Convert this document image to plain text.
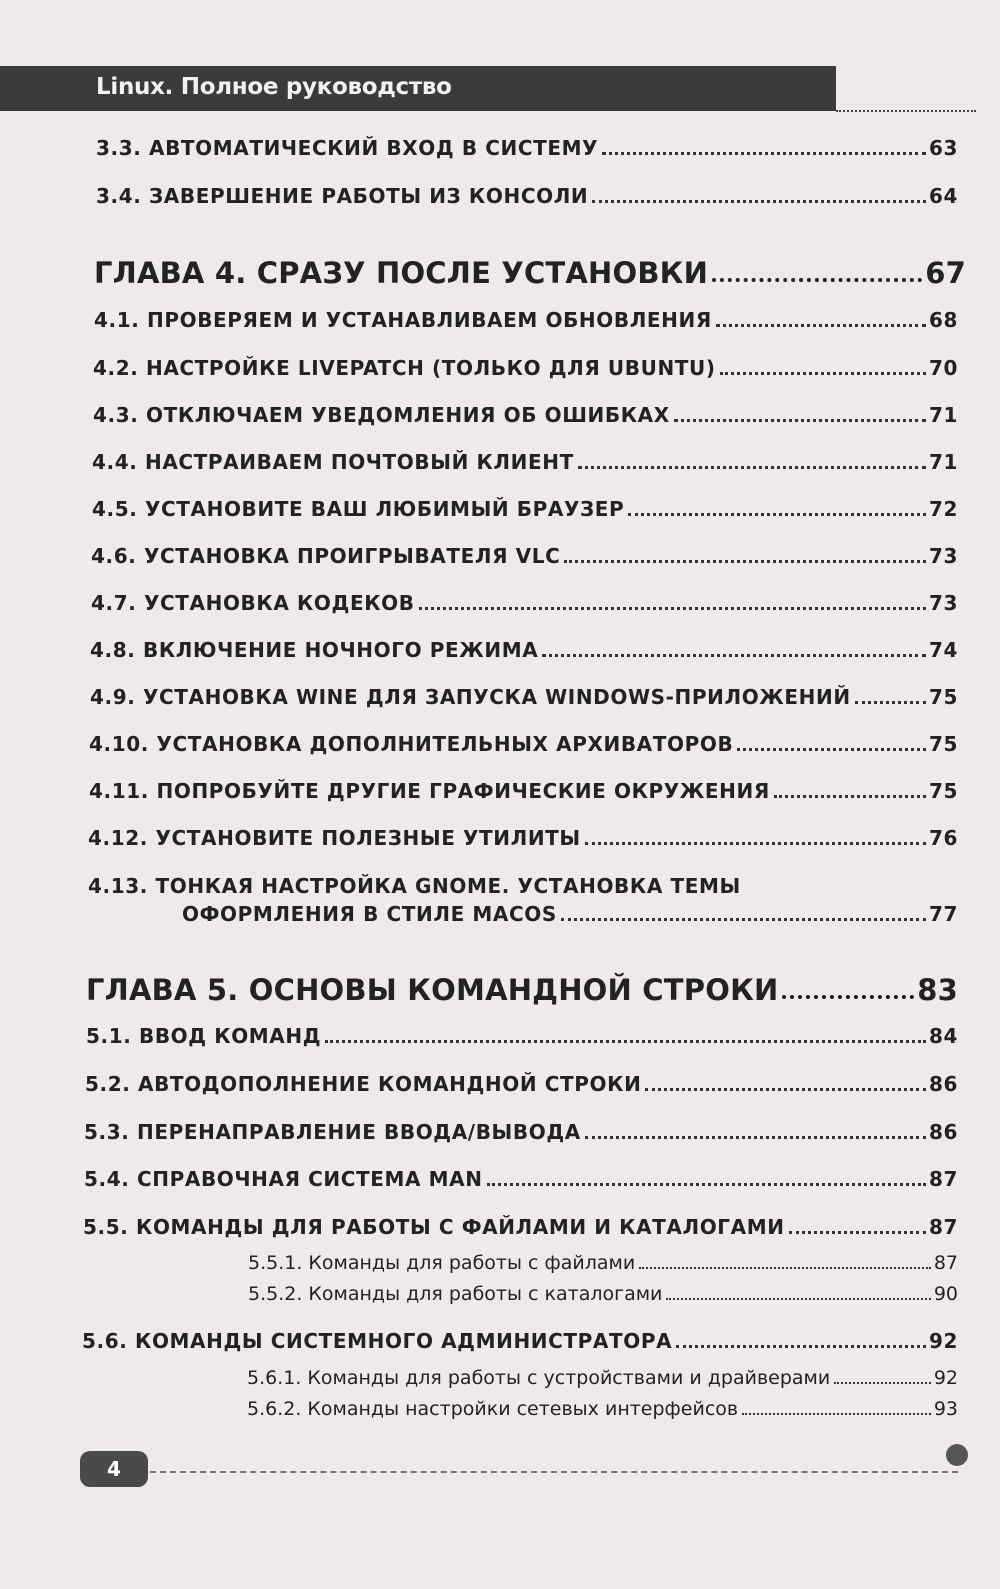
Linux. Полное руководство
3.3. АВТОМАТИЧЕСКИЙ ВХОД В СИСТЕМУ	63
3.4. ЗАВЕРШЕНИЕ РАБОТЫ ИЗ КОНСОЛИ	64
ГЛАВА 4. СРАЗУ ПОСЛЕ УСТАНОВКИ	67
4.1. ПРОВЕРЯЕМ И УСТАНАВЛИВАЕМ ОБНОВЛЕНИЯ	68
4.2. НАСТРОЙКЕ LIVEPATCH (ТОЛЬКО ДЛЯ UBUNTU)	70
4.3. ОТКЛЮЧАЕМ УВЕДОМЛЕНИЯ ОБ ОШИБКАХ	71
4.4. НАСТРАИВАЕМ ПОЧТОВЫЙ КЛИЕНТ	71
4.5. УСТАНОВИТЕ ВАШ ЛЮБИМЫЙ БРАУЗЕР	72
4.6. УСТАНОВКА ПРОИГРЫВАТЕЛЯ VLC	73
4.7. УСТАНОВКА КОДЕКОВ	73
4.8. ВКЛЮЧЕНИЕ НОЧНОГО РЕЖИМА	74
4.9. УСТАНОВКА WINE ДЛЯ ЗАПУСКА WINDOWS-ПРИЛОЖЕНИЙ	75
4.10. УСТАНОВКА ДОПОЛНИТЕЛЬНЫХ АРХИВАТОРОВ	75
4.11. ПОПРОБУЙТЕ ДРУГИЕ ГРАФИЧЕСКИЕ ОКРУЖЕНИЯ	75
4.12. УСТАНОВИТЕ ПОЛЕЗНЫЕ УТИЛИТЫ	76
4.13. ТОНКАЯ НАСТРОЙКА GNOME. УСТАНОВКА ТЕМЫ
ОФОРМЛЕНИЯ В СТИЛЕ MACOS	77
ГЛАВА 5. ОСНОВЫ КОМАНДНОЙ СТРОКИ	83
5.1. ВВОД КОМАНД	84
5.2. АВТОДОПОЛНЕНИЕ КОМАНДНОЙ СТРОКИ	86
5.3. ПЕРЕНАПРАВЛЕНИЕ ВВОДА/ВЫВОДА	86
5.4. СПРАВОЧНАЯ СИСТЕМА MAN	87
5.5. КОМАНДЫ ДЛЯ РАБОТЫ С ФАЙЛАМИ И КАТАЛОГАМИ	87
5.5.1. Команды для работы с файлами	87
5.5.2. Команды для работы с каталогами	90
5.6. КОМАНДЫ СИСТЕМНОГО АДМИНИСТРАТОРА	92
5.6.1. Команды для работы с устройствами и драйверами	92
5.6.2. Команды настройки сетевых интерфейсов	93
4
